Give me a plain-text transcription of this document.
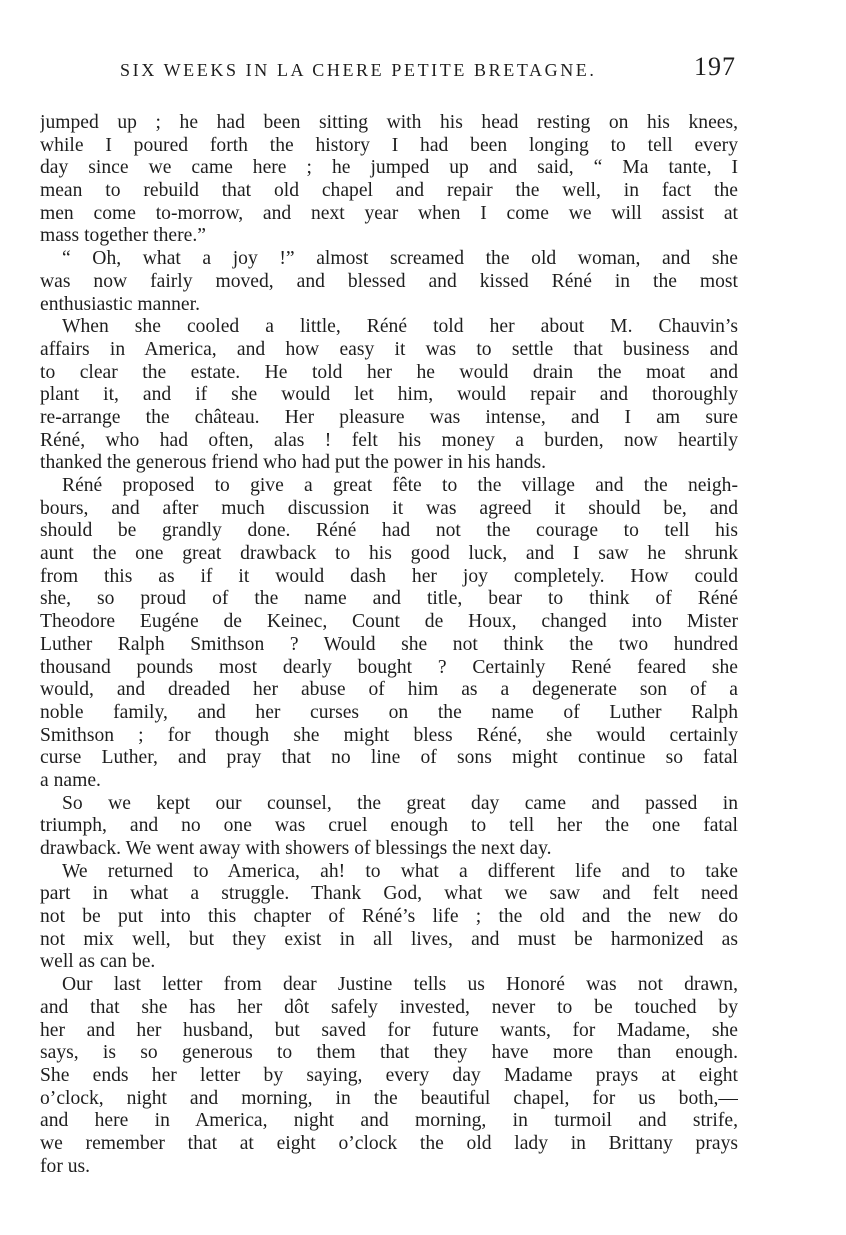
SIX WEEKS IN LA CHERE PETITE BRETAGNE.	197
jumped up ; he had been sitting with his head resting on his knees,
while I poured forth the history I had been longing to tell every
day since we came here ; he jumped up and said, “ Ma tante, I
mean to rebuild that old chapel and repair the well, in fact the
men come to-morrow, and next year when I come we will assist at
mass together there.”
“ Oh, what a joy !” almost screamed the old woman, and she
was now fairly moved, and blessed and kissed Réné in the most
enthusiastic manner.
When she cooled a little, Réné told her about M. Chauvin’s
affairs in America, and how easy it was to settle that business and
to clear the estate. He told her he would drain the moat and
plant it, and if she would let him, would repair and thoroughly
re-arrange the château. Her pleasure was intense, and I am sure
Réné, who had often, alas ! felt his money a burden, now heartily
thanked the generous friend who had put the power in his hands.
Réné proposed to give a great fête to the village and the neigh-
bours, and after much discussion it was agreed it should be, and
should be grandly done. Réné had not the courage to tell his
aunt the one great drawback to his good luck, and I saw he shrunk
from this as if it would dash her joy completely. How could
she, so proud of the name and title, bear to think of Réné
Theodore Eugéne de Keinec, Count de Houx, changed into Mister
Luther Ralph Smithson ? Would she not think the two hundred
thousand pounds most dearly bought ? Certainly René feared she
would, and dreaded her abuse of him as a degenerate son of a
noble family, and her curses on the name of Luther Ralph
Smithson ; for though she might bless Réné, she would certainly
curse Luther, and pray that no line of sons might continue so fatal
a name.
So we kept our counsel, the great day came and passed in
triumph, and no one was cruel enough to tell her the one fatal
drawback. We went away with showers of blessings the next day.
We returned to America, ah! to what a different life and to take
part in what a struggle. Thank God, what we saw and felt need
not be put into this chapter of Réné’s life ; the old and the new do
not mix well, but they exist in all lives, and must be harmonized as
well as can be.
Our last letter from dear Justine tells us Honoré was not drawn,
and that she has her dôt safely invested, never to be touched by
her and her husband, but saved for future wants, for Madame, she
says, is so generous to them that they have more than enough.
She ends her letter by saying, every day Madame prays at eight
o’clock, night and morning, in the beautiful chapel, for us both,—
and here in America, night and morning, in turmoil and strife,
we remember that at eight o’clock the old lady in Brittany prays
for us.
